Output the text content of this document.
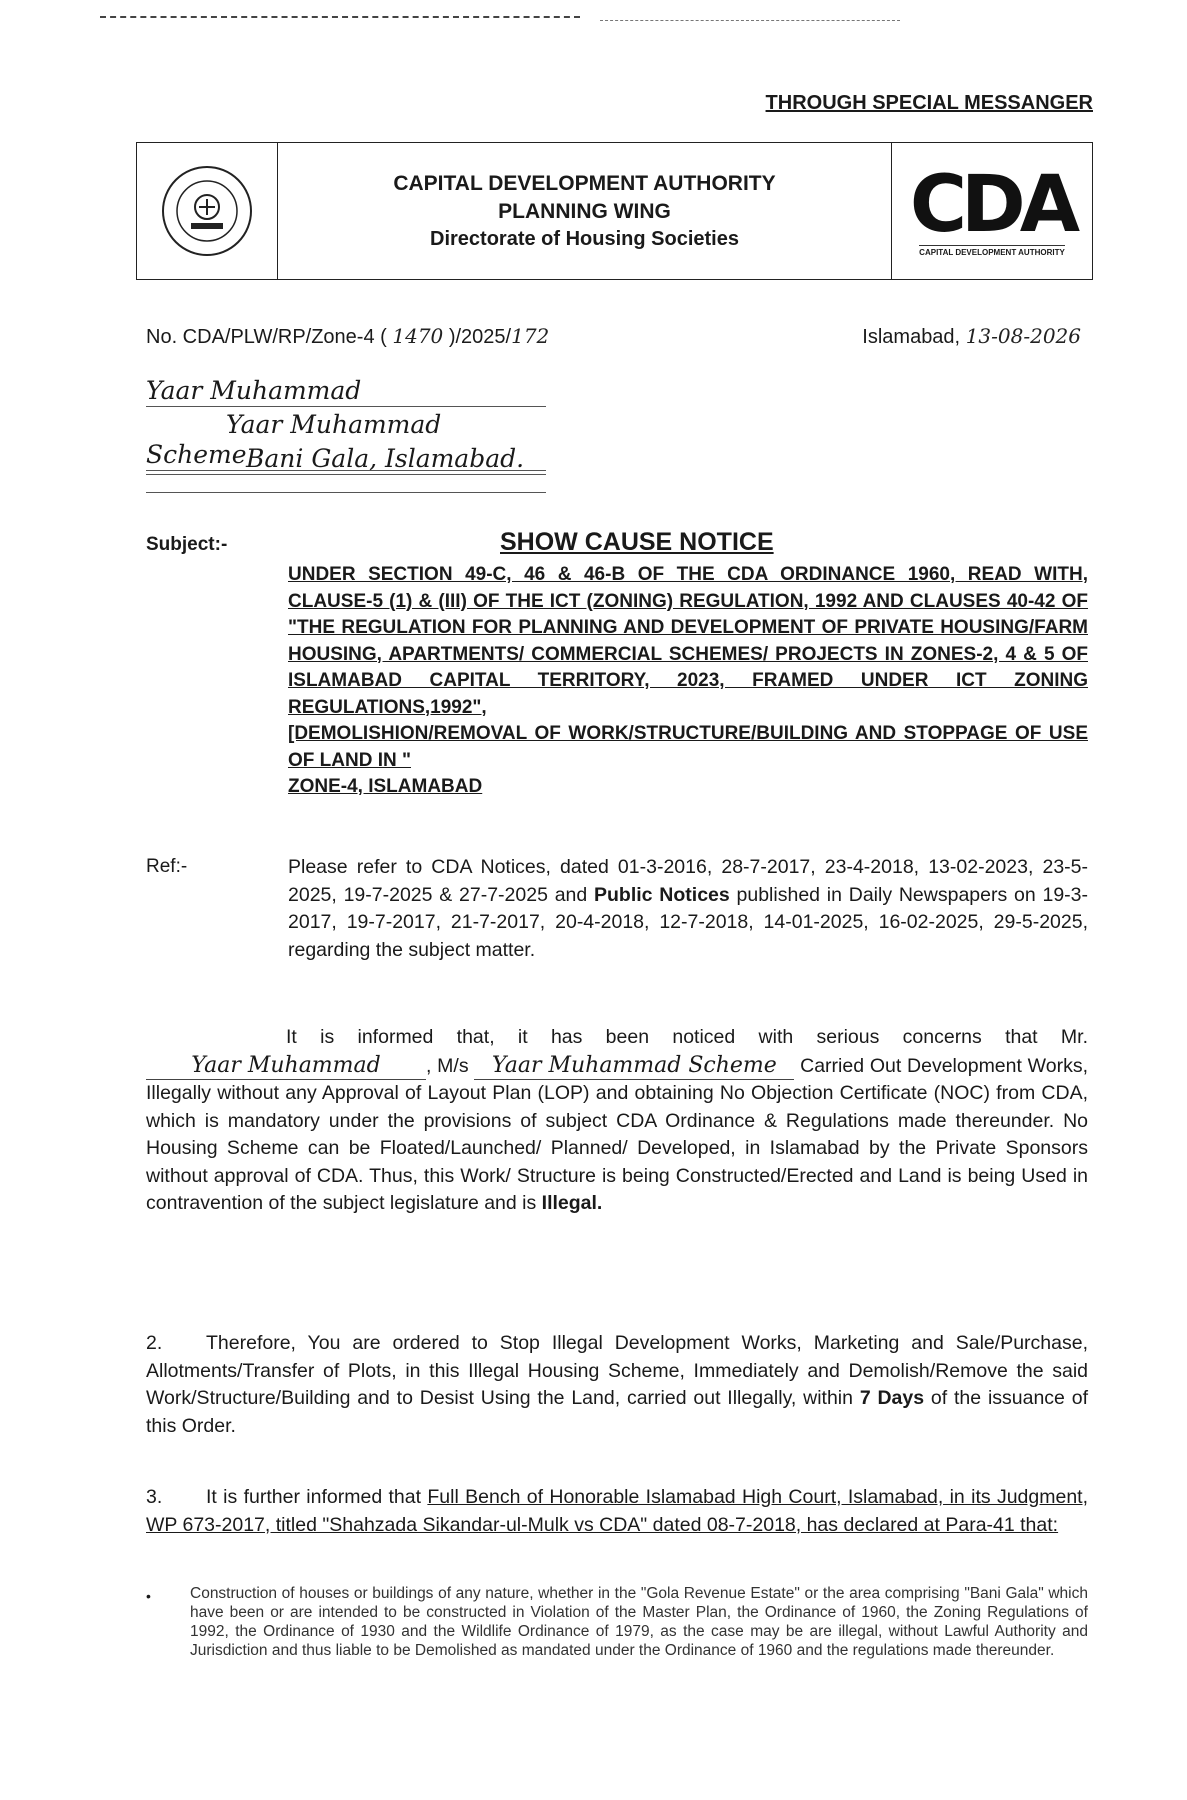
THROUGH SPECIAL MESSANGER
CAPITAL DEVELOPMENT AUTHORITY
PLANNING WING
Directorate of Housing Societies CDA
CAPITAL DEVELOPMENT AUTHORITY
No. CDA/PLW/RP/Zone-4 ( 1470 )/2025/172	Islamabad, 13-08-2026
Yaar Muhammad
Yaar Muhammad Scheme Bani Gala, Islamabad.
Subject:-	SHOW CAUSE NOTICE
UNDER SECTION 49-C, 46 & 46-B OF THE CDA ORDINANCE 1960, READ WITH, CLAUSE-5 (1) & (III) OF THE ICT (ZONING) REGULATION, 1992 AND CLAUSES 40-42 OF "THE REGULATION FOR PLANNING AND DEVELOPMENT OF PRIVATE HOUSING/FARM HOUSING, APARTMENTS/ COMMERCIAL SCHEMES/ PROJECTS IN ZONES-2, 4 & 5 OF ISLAMABAD CAPITAL TERRITORY, 2023, FRAMED UNDER ICT ZONING REGULATIONS,1992",
[DEMOLISHION/REMOVAL OF WORK/STRUCTURE/BUILDING AND STOPPAGE OF USE OF LAND IN "
ZONE-4, ISLAMABAD
Ref:-	Please refer to CDA Notices, dated 01-3-2016, 28-7-2017, 23-4-2018, 13-02-2023, 23-5-2025, 19-7-2025 & 27-7-2025 and Public Notices published in Daily Newspapers on 19-3-2017, 19-7-2017, 21-7-2017, 20-4-2018, 12-7-2018, 14-01-2025, 16-02-2025, 29-5-2025, regarding the subject matter.
It is informed that, it has been noticed with serious concerns that Mr.Yaar Muhammad , M/s Yaar Muhammad Scheme Carried Out Development Works, Illegally without any Approval of Layout Plan (LOP) and obtaining No Objection Certificate (NOC) from CDA, which is mandatory under the provisions of subject CDA Ordinance & Regulations made thereunder. No Housing Scheme can be Floated/Launched/ Planned/ Developed, in Islamabad by the Private Sponsors without approval of CDA. Thus, this Work/ Structure is being Constructed/Erected and Land is being Used in contravention of the subject legislature and is Illegal.
2. Therefore, You are ordered to Stop Illegal Development Works, Marketing and Sale/Purchase, Allotments/Transfer of Plots, in this Illegal Housing Scheme, Immediately and Demolish/Remove the said Work/Structure/Building and to Desist Using the Land, carried out Illegally, within 7 Days of the issuance of this Order.
3. It is further informed that Full Bench of Honorable Islamabad High Court, Islamabad, in its Judgment, WP 673-2017, titled "Shahzada Sikandar-ul-Mulk vs CDA" dated 08-7-2018, has declared at Para-41 that:
•	Construction of houses or buildings of any nature, whether in the "Gola Revenue Estate" or the area comprising "Bani Gala" which have been or are intended to be constructed in Violation of the Master Plan, the Ordinance of 1960, the Zoning Regulations of 1992, the Ordinance of 1930 and the Wildlife Ordinance of 1979, as the case may be are illegal, without Lawful Authority and Jurisdiction and thus liable to be Demolished as mandated under the Ordinance of 1960 and the regulations made thereunder.
